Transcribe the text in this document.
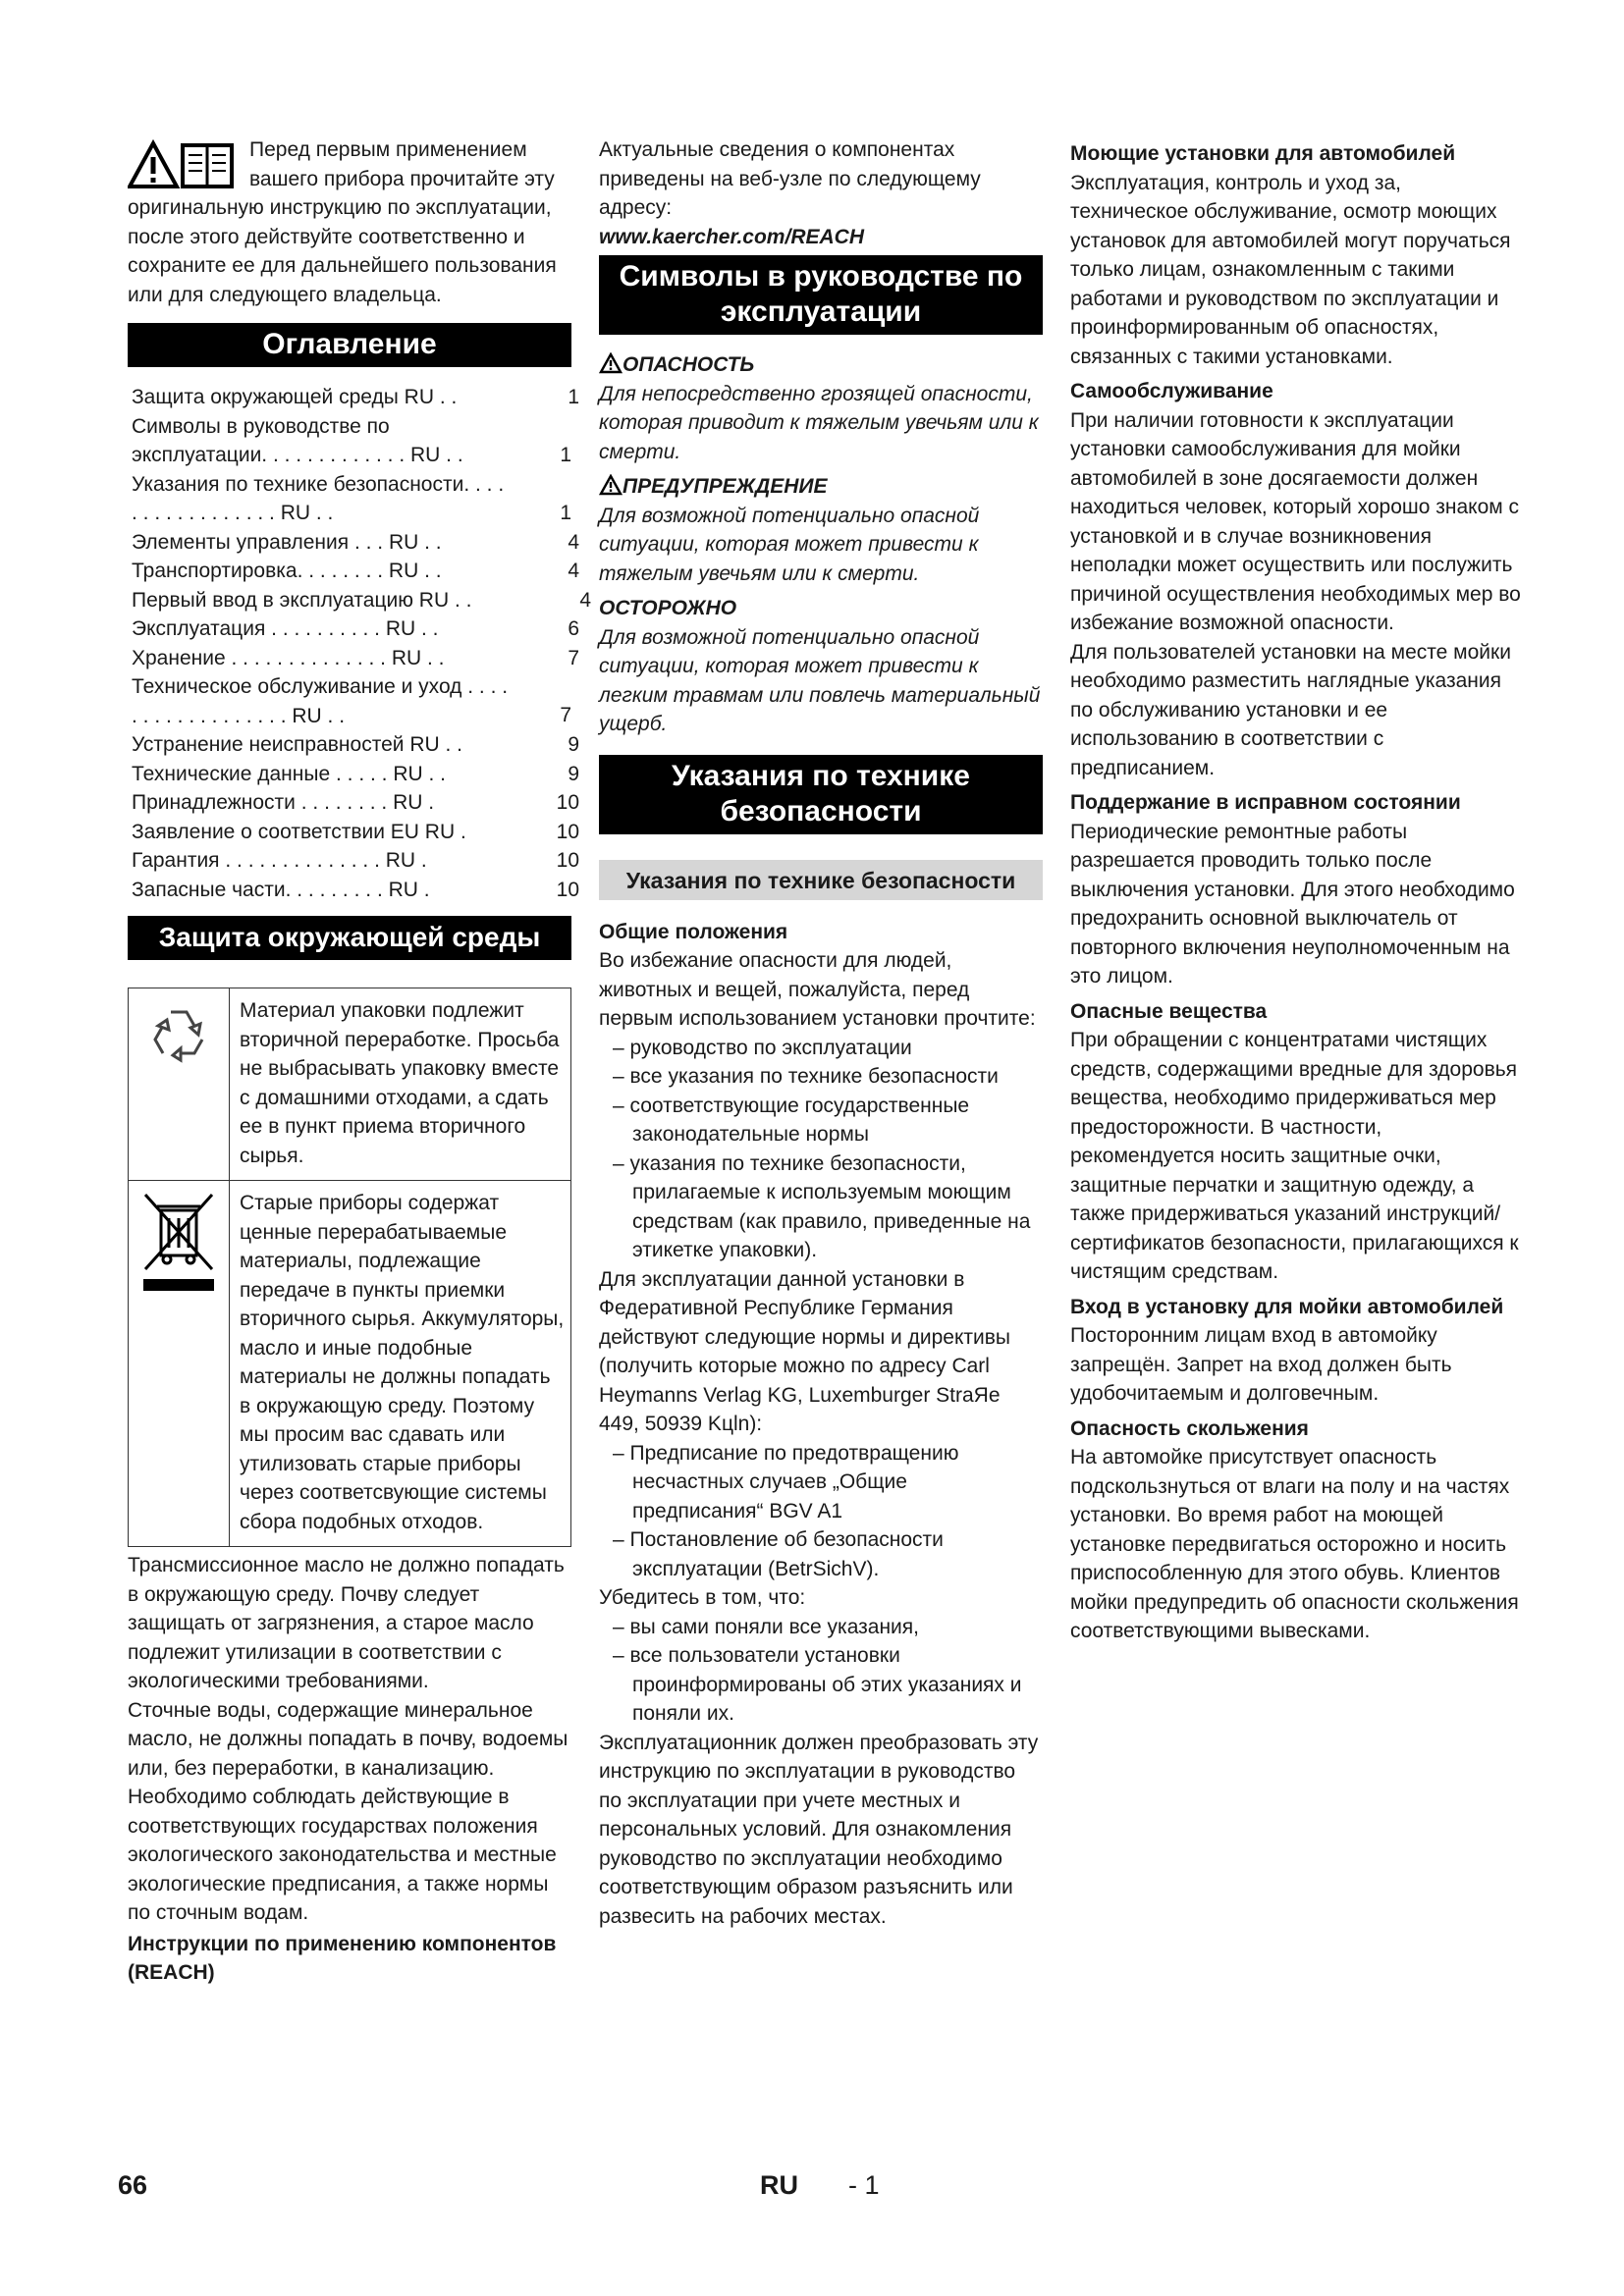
Перед первым применением вашего прибора прочитайте эту оригинальную инструкцию по эксплуатации, после этого действуйте соответственно и сохраните ее для дальнейшего пользования или для следующего владельца.

Оглавление
Защита окружающей среды RU . .	1
Символы в руководстве по эксплуатации. . . . . . . . . . . . . RU . .	1
Указания по технике безопасности. . . . . . . . . . . . . . . . . RU . .	1
Элементы управления . . . RU . .	4
Транспортировка. . . . . . . . RU . .	4
Первый ввод в эксплуатацию RU . .	4
Эксплуатация . . . . . . . . . . RU . .	6
Хранение . . . . . . . . . . . . . . RU . .	7
Техническое обслуживание и уход . . . . . . . . . . . . . . . . . . RU . .	7
Устранение неисправностей RU . .	9
Технические данные . . . . . RU . .	9
Принадлежности . . . . . . . . RU .	10
Заявление о соответствии EU RU .	10
Гарантия . . . . . . . . . . . . . . RU .	10
Запасные части. . . . . . . . . RU .	10
Защита окружающей среды
	Материал упаковки подлежит вторичной переработке. Просьба не выбрасывать упаковку вместе с домашними отходами, а сдать ее в пункт приема вторичного сырья.
	Старые приборы содержат ценные перерабатываемые материалы, подлежащие передаче в пункты приемки вторичного сырья. Аккумуляторы, масло и иные подобные материалы не должны попадать в окружающую среду. Поэтому мы просим вас сдавать или утилизовать старые приборы через соответсвующие системы сбора подобных отходов.

Трансмиссионное масло не должно попадать в окружающую среду. Почву следует защищать от загрязнения, а старое масло подлежит утилизации в соответствии с экологическими требованиями.

Сточные воды, содержащие минеральное масло, не должны попадать в почву, водоемы или, без переработки, в канализацию. Необходимо соблюдать действующие в соответствующих государствах положения экологического законодательства и местные экологические предписания, а также нормы по сточным водам.

Инструкции по применению компонентов (REACH)

Актуальные сведения о компонентах приведены на веб-узле по следующему адресу:

www.kaercher.com/REACH

Символы в руководстве по эксплуатации

ОПАСНОСТЬ

Для непосредственно грозящей опасности, которая приводит к тяжелым увечьям или к смерти.

ПРЕДУПРЕЖДЕНИЕ

Для возможной потенциально опасной ситуации, которая может привести к тяжелым увечьям или к смерти.

ОСТОРОЖНО

Для возможной потенциально опасной ситуации, которая может привести к легким травмам или повлечь материальный ущерб.

Указания по технике безопасности
Указания по технике безопасности

Общие положения

Во избежание опасности для людей, животных и вещей, пожалуйста, перед первым использованием установки прочтите:

– руководство по эксплуатации

– все указания по технике безопасности

– соответствующие государственные законодательные нормы

– указания по технике безопасности, прилагаемые к используемым моющим средствам (как правило, приведенные на этикетке упаковки).

Для эксплуатации данной установки в Федеративной Республике Германия действуют следующие нормы и директивы (получить которые можно по адресу Carl Heymanns Verlag KG, Luxemburger StraЯe 449, 50939 Kцln):

– Предписание по предотвращению несчастных случаев „Общие предписания“ BGV A1

– Постановление об безопасности эксплуатации (BetrSichV).

Убедитесь в том, что:

– вы сами поняли все указания,

– все пользователи установки проинформированы об этих указаниях и поняли их.

Эксплуатационник должен преобразовать эту инструкцию по эксплуатации в руководство по эксплуатации при учете местных и персональных условий. Для ознакомления руководство по эксплуатации необходимо соответствующим образом разъяснить или развесить на рабочих местах.

Моющие установки для автомобилей

Эксплуатация, контроль и уход за, техническое обслуживание, осмотр моющих установок для автомобилей могут поручаться только лицам, ознакомленным с такими работами и руководством по эксплуатации и проинформированным об опасностях, связанных с такими установками.

Самообслуживание

При наличии готовности к эксплуатации установки самообслуживания для мойки автомобилей в зоне досягаемости должен находиться человек, который хорошо знаком с установкой и в случае возникновения неполадки может осуществить или послужить причиной осуществления необходимых мер во избежание возможной опасности.

Для пользователей установки на месте мойки необходимо разместить наглядные указания по обслуживанию установки и ее использованию в соответствии с предписанием.

Поддержание в исправном состоянии

Периодические ремонтные работы разрешается проводить только после выключения установки. Для этого необходимо предохранить основной выключатель от повторного включения неуполномоченным на это лицом.

Опасные вещества

При обращении с концентратами чистящих средств, содержащими вредные для здоровья вещества, необходимо придерживаться мер предосторожности. В частности, рекомендуется носить защитные очки, защитные перчатки и защитную одежду, а также придерживаться указаний инструкций/ сертификатов безопасности, прилагающихся к чистящим средствам.

Вход в установку для мойки автомобилей

Посторонним лицам вход в автомойку запрещён. Запрет на вход должен быть удобочитаемым и долговечным.

Опасность скольжения

На автомойке присутствует опасность подскользнуться от влаги на полу и на частях установки. Во время работ на моющей установке передвигаться осторожно и носить приспособленную для этого обувь. Клиентов мойки предупредить об опасности скольжения соответствующими вывесками.

66	RU - 1
